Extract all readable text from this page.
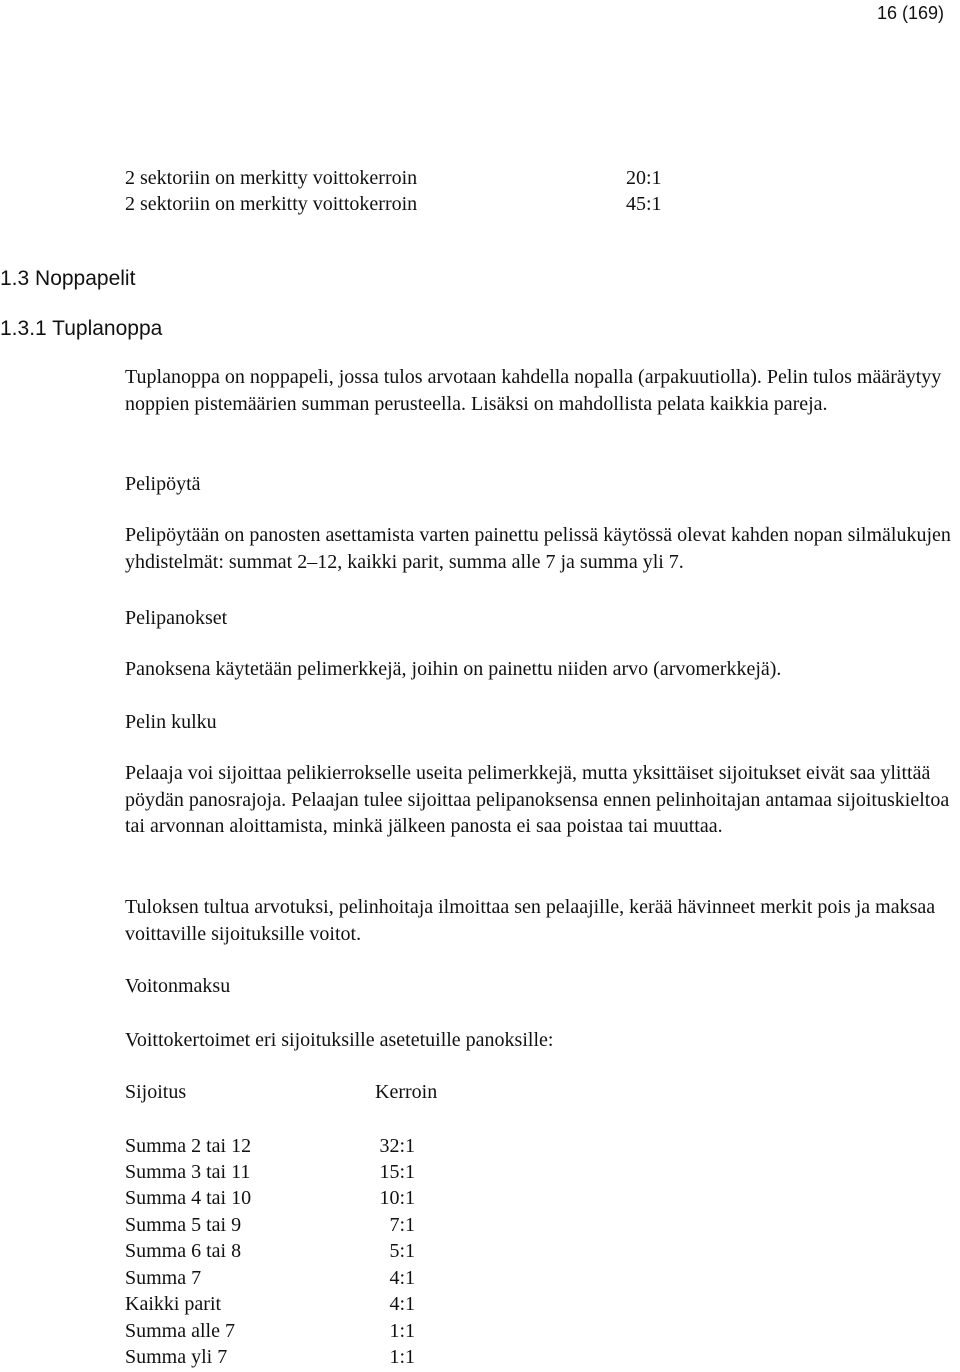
16 (169)
2 sektoriin on merkitty voittokerroin	20:1
2 sektoriin on merkitty voittokerroin	45:1
1.3 Noppapelit
1.3.1 Tuplanoppa
Tuplanoppa on noppapeli, jossa tulos arvotaan kahdella nopalla (arpakuutiolla). Pelin tulos määräytyy noppien pistemäärien summan perusteella. Lisäksi on mahdollista pelata kaikkia pareja.
Pelipöytä
Pelipöytään on panosten asettamista varten painettu pelissä käytössä olevat kahden nopan silmälukujen yhdistelmät: summat 2–12, kaikki parit, summa alle 7 ja summa yli 7.
Pelipanokset
Panoksena käytetään pelimerkkejä, joihin on painettu niiden arvo (arvomerkkejä).
Pelin kulku
Pelaaja voi sijoittaa pelikierrokselle useita pelimerkkejä, mutta yksittäiset sijoitukset eivät saa ylittää pöydän panosrajoja. Pelaajan tulee sijoittaa pelipanoksensa ennen pelinhoitajan antamaa sijoituskieltoa tai arvonnan aloittamista, minkä jälkeen panosta ei saa poistaa tai muuttaa.
Tuloksen tultua arvotuksi, pelinhoitaja ilmoittaa sen pelaajille, kerää hävinneet merkit pois ja maksaa voittaville sijoituksille voitot.
Voitonmaksu
Voittokertoimet eri sijoituksille asetetuille panoksille:
Sijoitus	Kerroin
Summa 2 tai 12	32:1
Summa 3 tai 11	15:1
Summa 4 tai 10	10:1
Summa 5 tai 9	7:1
Summa 6 tai 8	5:1
Summa 7	4:1
Kaikki parit	4:1
Summa alle 7	1:1
Summa yli 7	1:1
